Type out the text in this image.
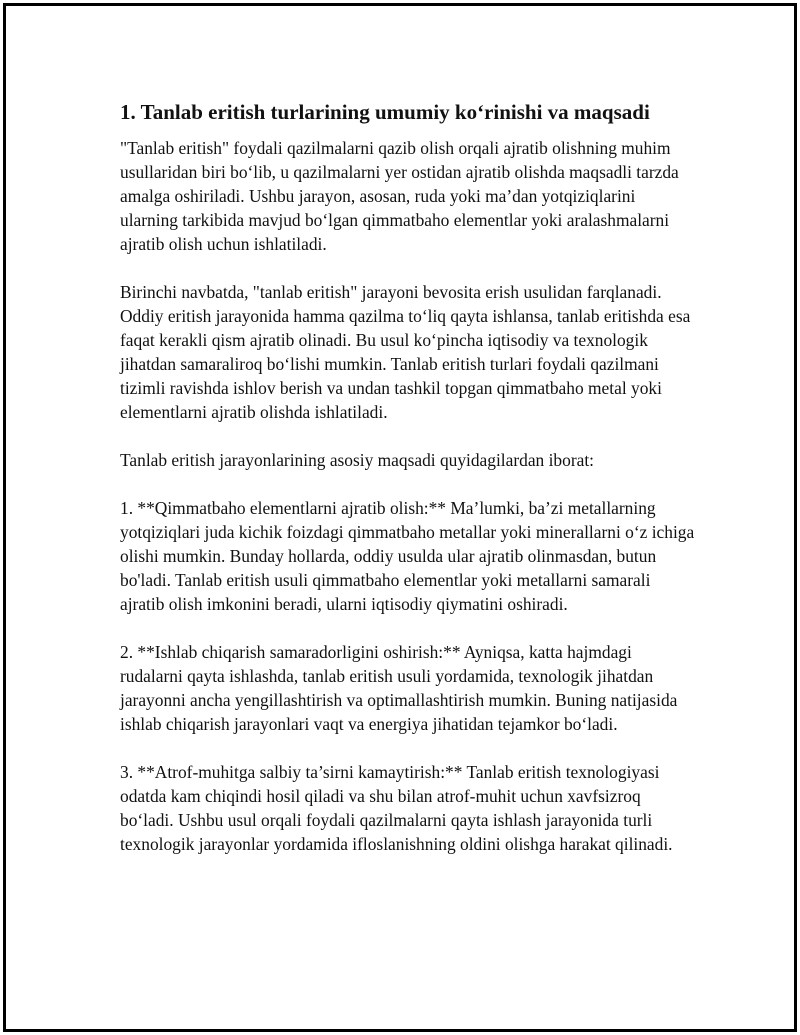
1. Tanlab eritish turlarining umumiy ko‘rinishi va maqsadi

"Tanlab eritish" foydali qazilmalarni qazib olish orqali ajratib olishning muhim usullaridan biri bo‘lib, u qazilmalarni yer ostidan ajratib olishda maqsadli tarzda amalga oshiriladi. Ushbu jarayon, asosan, ruda yoki ma’dan yotqiziqlarini ularning tarkibida mavjud bo‘lgan qimmatbaho elementlar yoki aralashmalarni ajratib olish uchun ishlatiladi.

Birinchi navbatda, "tanlab eritish" jarayoni bevosita erish usulidan farqlanadi. Oddiy eritish jarayonida hamma qazilma to‘liq qayta ishlansa, tanlab eritishda esa faqat kerakli qism ajratib olinadi. Bu usul ko‘pincha iqtisodiy va texnologik jihatdan samaraliroq bo‘lishi mumkin. Tanlab eritish turlari foydali qazilmani tizimli ravishda ishlov berish va undan tashkil topgan qimmatbaho metal yoki elementlarni ajratib olishda ishlatiladi.

Tanlab eritish jarayonlarining asosiy maqsadi quyidagilardan iborat:

1. **Qimmatbaho elementlarni ajratib olish:** Ma’lumki, ba’zi metallarning yotqiziqlari juda kichik foizdagi qimmatbaho metallar yoki minerallarni o‘z ichiga olishi mumkin. Bunday hollarda, oddiy usulda ular ajratib olinmasdan, butun bo'ladi. Tanlab eritish usuli qimmatbaho elementlar yoki metallarni samarali ajratib olish imkonini beradi, ularni iqtisodiy qiymatini oshiradi.

2. **Ishlab chiqarish samaradorligini oshirish:** Ayniqsa, katta hajmdagi rudalarni qayta ishlashda, tanlab eritish usuli yordamida, texnologik jihatdan jarayonni ancha yengillashtirish va optimallashtirish mumkin. Buning natijasida ishlab chiqarish jarayonlari vaqt va energiya jihatidan tejamkor bo‘ladi.

3. **Atrof-muhitga salbiy ta’sirni kamaytirish:** Tanlab eritish texnologiyasi odatda kam chiqindi hosil qiladi va shu bilan atrof-muhit uchun xavfsizroq bo‘ladi. Ushbu usul orqali foydali qazilmalarni qayta ishlash jarayonida turli texnologik jarayonlar yordamida ifloslanishning oldini olishga harakat qilinadi.
